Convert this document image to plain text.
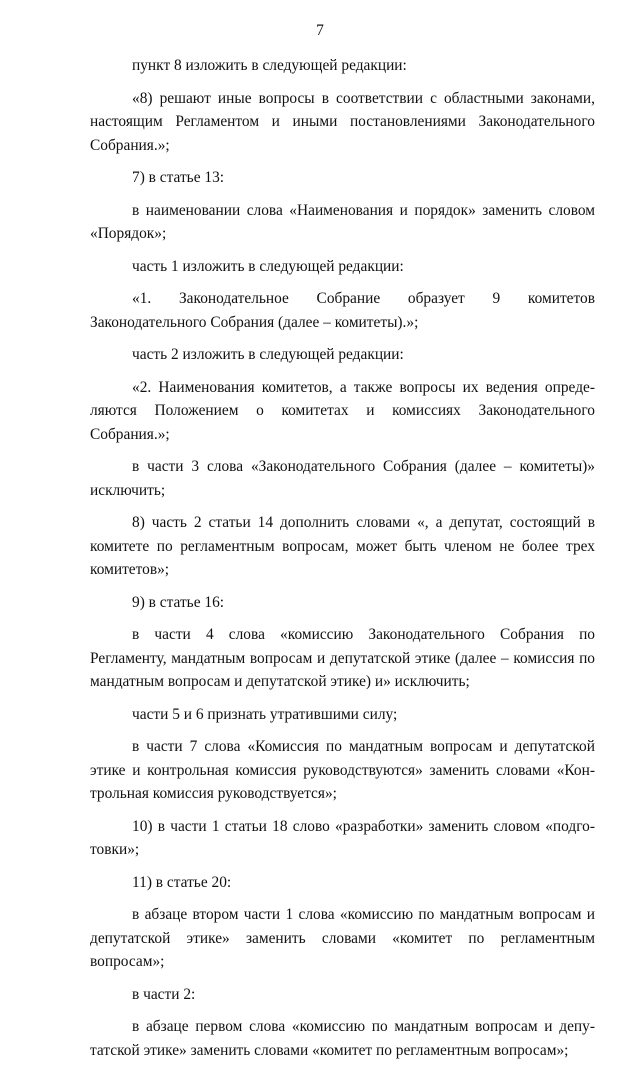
7

пункт 8 изложить в следующей редакции:

«8) решают иные вопросы в соответствии с областными законами, настоящим Регламентом и иными постановлениями Законодательного Собрания.»;

7) в статье 13:

в наименовании слова «Наименования и порядок» заменить словом «Порядок»;

часть 1 изложить в следующей редакции:

«1. Законодательное Собрание образует 9 комитетов Законодательного Собрания (далее – комитеты).»;

часть 2 изложить в следующей редакции:

«2. Наименования комитетов, а также вопросы их ведения определяются Положением о комитетах и комиссиях Законодательного Собрания.»;

в части 3 слова «Законодательного Собрания (далее – комитеты)» исключить;

8) часть 2 статьи 14 дополнить словами «, а депутат, состоящий в комитете по регламентным вопросам, может быть членом не более трех комитетов»;

9) в статье 16:

в части 4 слова «комиссию Законодательного Собрания по Регламенту, мандатным вопросам и депутатской этике (далее – комиссия по мандатным вопросам и депутатской этике) и» исключить;

части 5 и 6 признать утратившими силу;

в части 7 слова «Комиссия по мандатным вопросам и депутатской этике и контрольная комиссия руководствуются» заменить словами «Контрольная комиссия руководствуется»;

10) в части 1 статьи 18 слово «разработки» заменить словом «подготовки»;

11) в статье 20:

в абзаце втором части 1 слова «комиссию по мандатным вопросам и депутатской этике» заменить словами «комитет по регламентным вопросам»;

в части 2:

в абзаце первом слова «комиссию по мандатным вопросам и депутатской этике» заменить словами «комитет по регламентным вопросам»;
